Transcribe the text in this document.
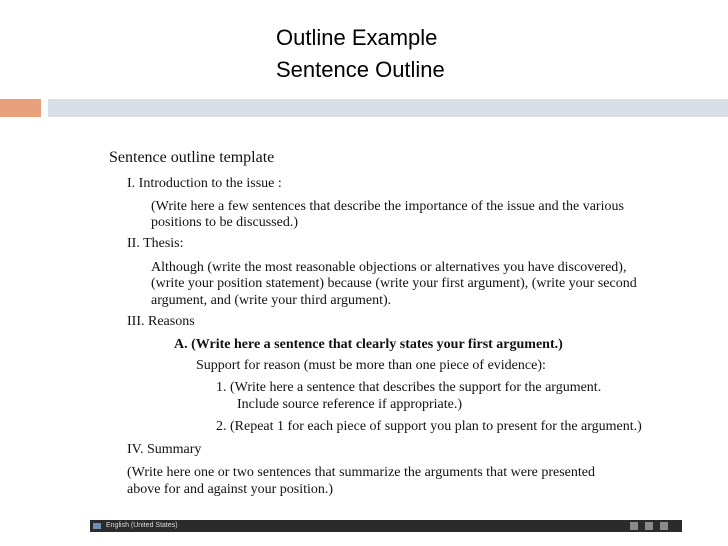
Outline Example
Sentence Outline
Sentence outline template
I. Introduction to the issue :
(Write here a few sentences that describe the importance of the issue and the various
positions to be discussed.)
II. Thesis:
Although (write the most reasonable objections or alternatives you have discovered),
(write your position statement) because (write your first argument), (write your second
argument, and (write your third argument).
III. Reasons
A. (Write here a sentence that clearly states your first argument.)
Support for reason (must be more than one piece of evidence):
1. (Write here a sentence that describes the support for the argument.
Include source reference if appropriate.)
2. (Repeat 1 for each piece of support you plan to present for the argument.)
IV. Summary
(Write here one or two sentences that summarize the arguments that were presented
above for and against your position.)
English (United States)
